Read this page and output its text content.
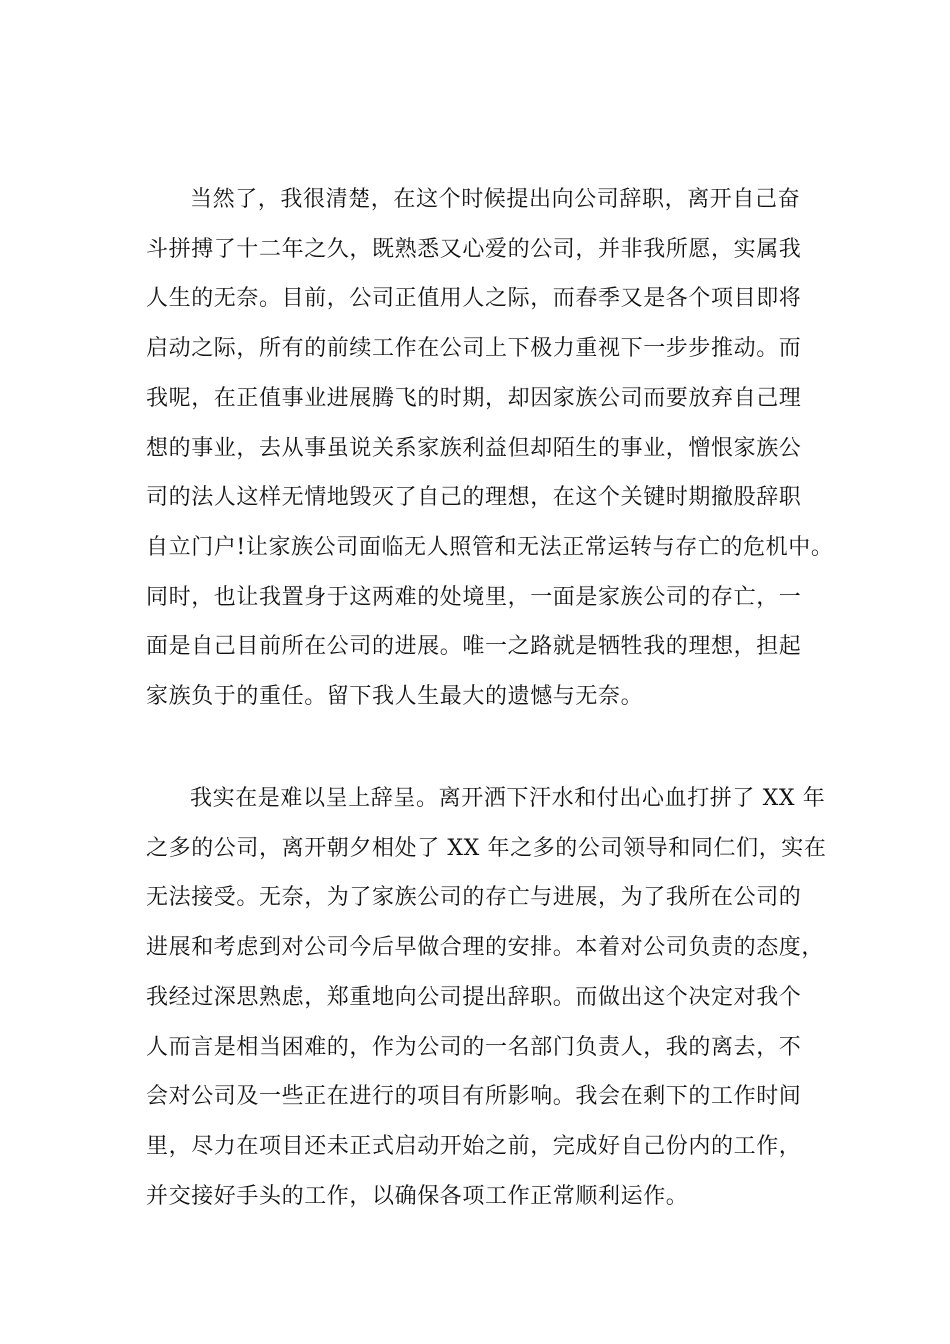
当然了，我很清楚，在这个时候提出向公司辞职，离开自己奋
斗拼搏了十二年之久，既熟悉又心爱的公司，并非我所愿，实属我
人生的无奈。目前，公司正值用人之际，而春季又是各个项目即将
启动之际，所有的前续工作在公司上下极力重视下一步步推动。而
我呢，在正值事业进展腾飞的时期，却因家族公司而要放弃自己理
想的事业，去从事虽说关系家族利益但却陌生的事业，憎恨家族公
司的法人这样无情地毁灭了自己的理想，在这个关键时期撤股辞职
自立门户!让家族公司面临无人照管和无法正常运转与存亡的危机中。
同时，也让我置身于这两难的处境里，一面是家族公司的存亡，一
面是自己目前所在公司的进展。唯一之路就是牺牲我的理想，担起
家族负于的重任。留下我人生最大的遗憾与无奈。
我实在是难以呈上辞呈。离开洒下汗水和付出心血打拼了 XX 年
之多的公司，离开朝夕相处了 XX 年之多的公司领导和同仁们，实在
无法接受。无奈，为了家族公司的存亡与进展，为了我所在公司的
进展和考虑到对公司今后早做合理的安排。本着对公司负责的态度，
我经过深思熟虑，郑重地向公司提出辞职。而做出这个决定对我个
人而言是相当困难的，作为公司的一名部门负责人，我的离去，不
会对公司及一些正在进行的项目有所影响。我会在剩下的工作时间
里，尽力在项目还未正式启动开始之前，完成好自己份内的工作，
并交接好手头的工作，以确保各项工作正常顺利运作。
